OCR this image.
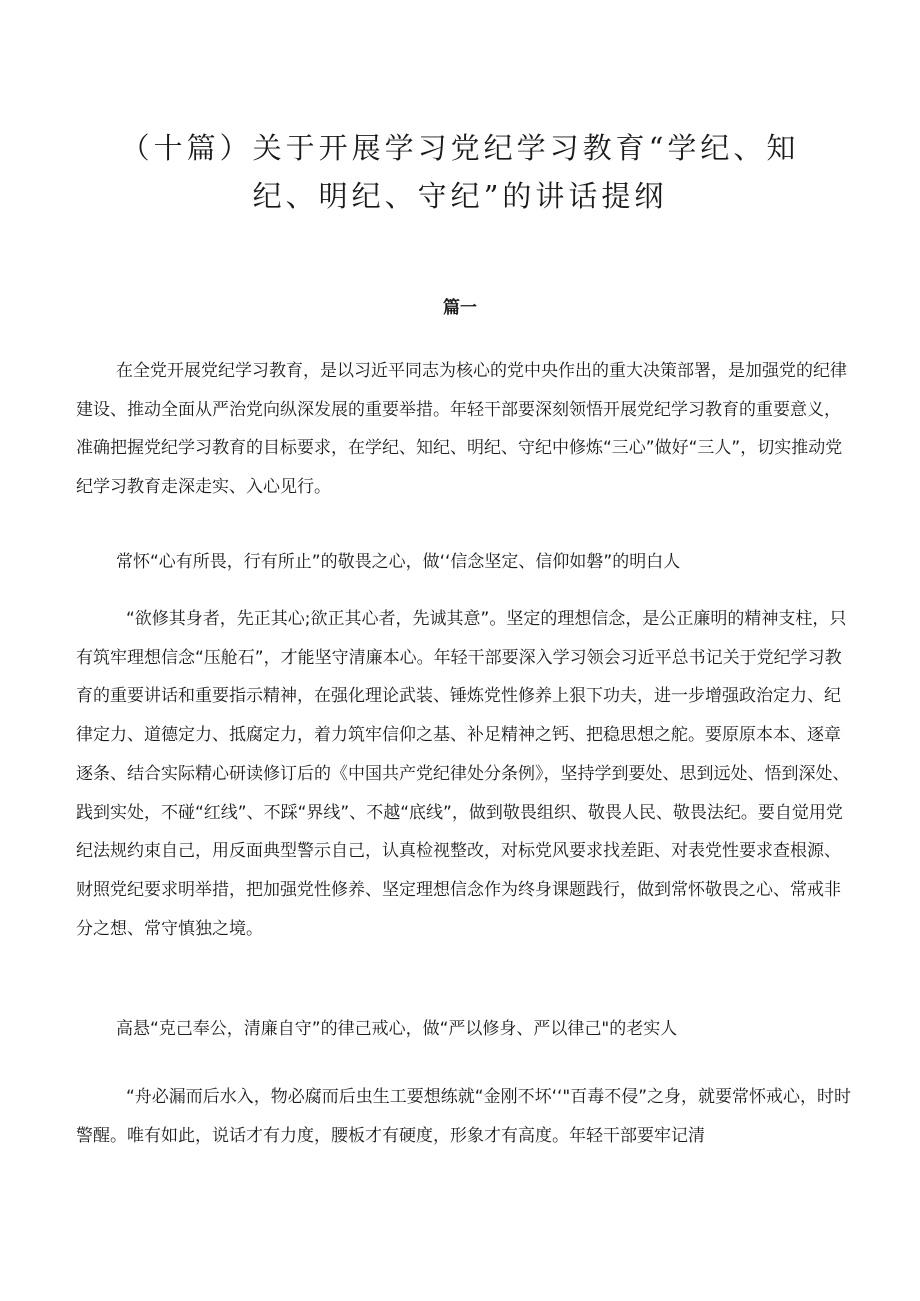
（十篇）关于开展学习党纪学习教育“学纪、知
纪、明纪、守纪”的讲话提纲
篇一

在全党开展党纪学习教育，是以习近平同志为核心的党中央作出的重大决策部署，是加强党的纪律建设、推动全面从严治党向纵深发展的重要举措。年轻干部要深刻领悟开展党纪学习教育的重要意义，准确把握党纪学习教育的目标要求，在学纪、知纪、明纪、守纪中修炼“三心”做好“三人”，切实推动党纪学习教育走深走实、入心见行。

常怀“心有所畏，行有所止”的敬畏之心，做‘‘信念坚定、信仰如磐”的明白人

“欲修其身者，先正其心;欲正其心者，先诚其意”。坚定的理想信念，是公正廉明的精神支柱，只有筑牢理想信念“压舱石”，才能坚守清廉本心。年轻干部要深入学习领会习近平总书记关于党纪学习教育的重要讲话和重要指示精神，在强化理论武装、锤炼党性修养上狠下功夫，进一步增强政治定力、纪律定力、道德定力、抵腐定力，着力筑牢信仰之基、补足精神之钙、把稳思想之舵。要原原本本、逐章逐条、结合实际精心研读修订后的《中国共产党纪律处分条例》，坚持学到要处、思到远处、悟到深处、践到实处，不碰“红线”、不踩“界线”、不越“底线”，做到敬畏组织、敬畏人民、敬畏法纪。要自觉用党纪法规约束自己，用反面典型警示自己，认真检视整改，对标党风要求找差距、对表党性要求查根源、财照党纪要求明举措，把加强党性修养、坚定理想信念作为终身课题践行，做到常怀敬畏之心、常戒非分之想、常守慎独之境。

高悬“克己奉公，清廉自守”的律己戒心，做“严以修身、严以律己"的老实人

“舟必漏而后水入，物必腐而后虫生工要想练就“金刚不坏‘‘"百毒不侵”之身，就要常怀戒心，时时警醒。唯有如此，说话才有力度，腰板才有硬度，形象才有高度。年轻干部要牢记清
